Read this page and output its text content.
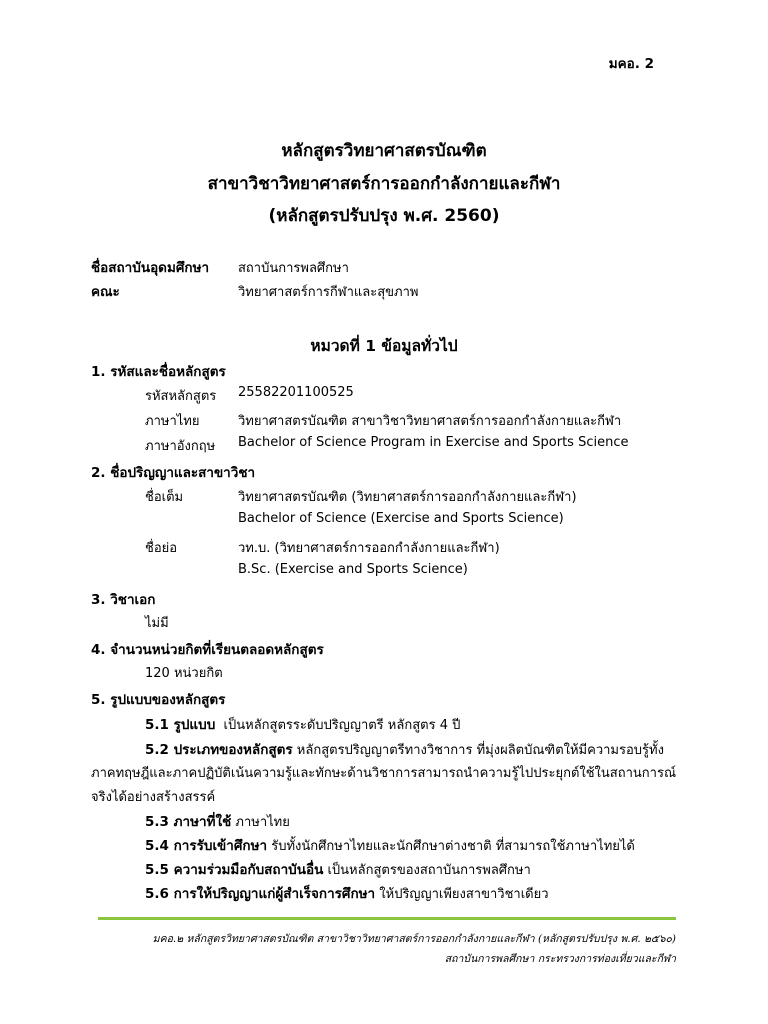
มคอ. 2
หลักสูตรวิทยาศาสตรบัณฑิต
สาขาวิชาวิทยาศาสตร์การออกกำลังกายและกีฬา
(หลักสูตรปรับปรุง พ.ศ. 2560)
ชื่อสถาบันอุดมศึกษา สถาบันการพลศึกษา
คณะ	วิทยาศาสตร์การกีฬาและสุขภาพ
หมวดที่ 1 ข้อมูลทั่วไป
1. รหัสและชื่อหลักสูตร
รหัสหลักสูตร 25582201100525
ภาษาไทย	วิทยาศาสตรบัณฑิต สาขาวิชาวิทยาศาสตร์การออกกำลังกายและกีฬา
ภาษาอังกฤษ Bachelor of Science Program in Exercise and Sports Science
2. ชื่อปริญญาและสาขาวิชา
ชื่อเต็ม	วิทยาศาสตรบัณฑิต (วิทยาศาสตร์การออกกำลังกายและกีฬา)
Bachelor of Science (Exercise and Sports Science)
ชื่อย่อ	วท.บ. (วิทยาศาสตร์การออกกำลังกายและกีฬา)
B.Sc. (Exercise and Sports Science)
3. วิชาเอก
ไม่มี
4. จำนวนหน่วยกิตที่เรียนตลอดหลักสูตร
120 หน่วยกิต
5. รูปแบบของหลักสูตร
5.1 รูปแบบ เป็นหลักสูตรระดับปริญญาตรี หลักสูตร 4 ปี
5.2 ประเภทของหลักสูตร หลักสูตรปริญญาตรีทางวิชาการ ที่มุ่งผลิตบัณฑิตให้มีความรอบรู้ทั้ง
ภาคทฤษฎีและภาคปฏิบัติเน้นความรู้และทักษะด้านวิชาการสามารถนำความรู้ไปประยุกต์ใช้ในสถานการณ์
จริงได้อย่างสร้างสรรค์
5.3 ภาษาที่ใช้ ภาษาไทย
5.4 การรับเข้าศึกษา รับทั้งนักศึกษาไทยและนักศึกษาต่างชาติ ที่สามารถใช้ภาษาไทยได้
5.5 ความร่วมมือกับสถาบันอื่น เป็นหลักสูตรของสถาบันการพลศึกษา
5.6 การให้ปริญญาแก่ผู้สำเร็จการศึกษา ให้ปริญญาเพียงสาขาวิชาเดียว
มคอ.๒ หลักสูตรวิทยาศาสตรบัณฑิต สาขาวิชาวิทยาศาสตร์การออกกำลังกายและกีฬา (หลักสูตรปรับปรุง พ.ศ. ๒๕๖๐)
สถาบันการพลศึกษา กระทรวงการท่องเที่ยวและกีฬา
